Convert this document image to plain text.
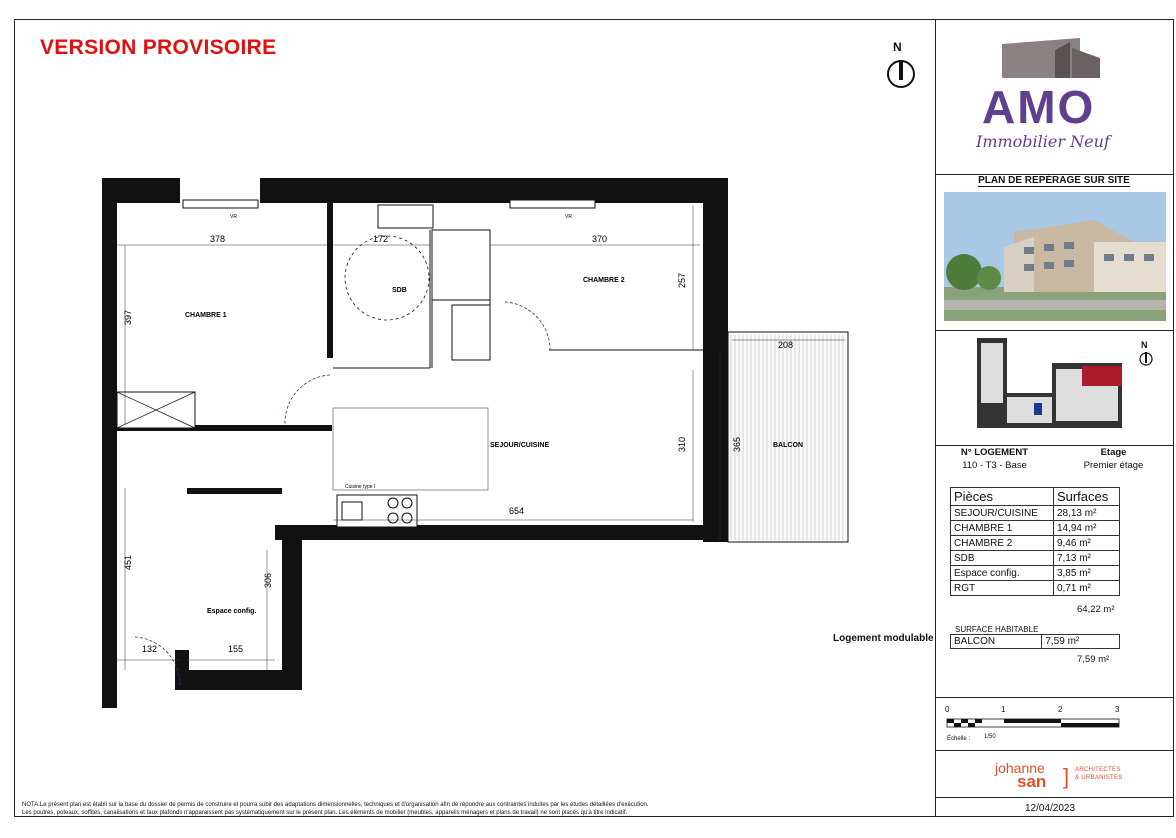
VERSION PROVISOIRE	N
CHAMBRE 1
CHAMBRE 2
SDB
SEJOUR/CUISINE	BALCON
Espace config.
Cuisine type I
378	172	370
257
397
208
310	365
654
451
306
132	155
VR	VR
AMO
Immobilier Neuf
PLAN DE REPÉRAGE SUR SITE
N
N° LOGEMENT	Etage
110 - T3 - Base	Premier étage
Pièces	Surfaces
SEJOUR/CUISINE	28,13 m²
CHAMBRE 1	14,94 m²
CHAMBRE 2	9,46 m²
SDB	7,13 m²
Espace config.	3,85 m²
RGT	0,71 m²
64,22 m²
SURFACE HABITABLE
BALCON	7,59 m²
7,59 m²
Logement modulable
0	1	2	3
Échelle : 1/50
johanne
san ] ARCHITECTES
& URBANISTES
12/04/2023
NOTA:Le présent plan est établi sur la base du dossier de permis de construire et pourra subir des adaptations dimensionnelles, techniques et d'organisation afin de répondre aux contraintes induites par les études détaillées d'exécution.
Les poutres, poteaux, soffites, canalisations et faux plafonds n'apparaissent pas systématiquement sur le présent plan. Les éléments de mobilier (meubles, appareils ménagers et plans de travail) ne sont placés qu'à titre indicatif.
